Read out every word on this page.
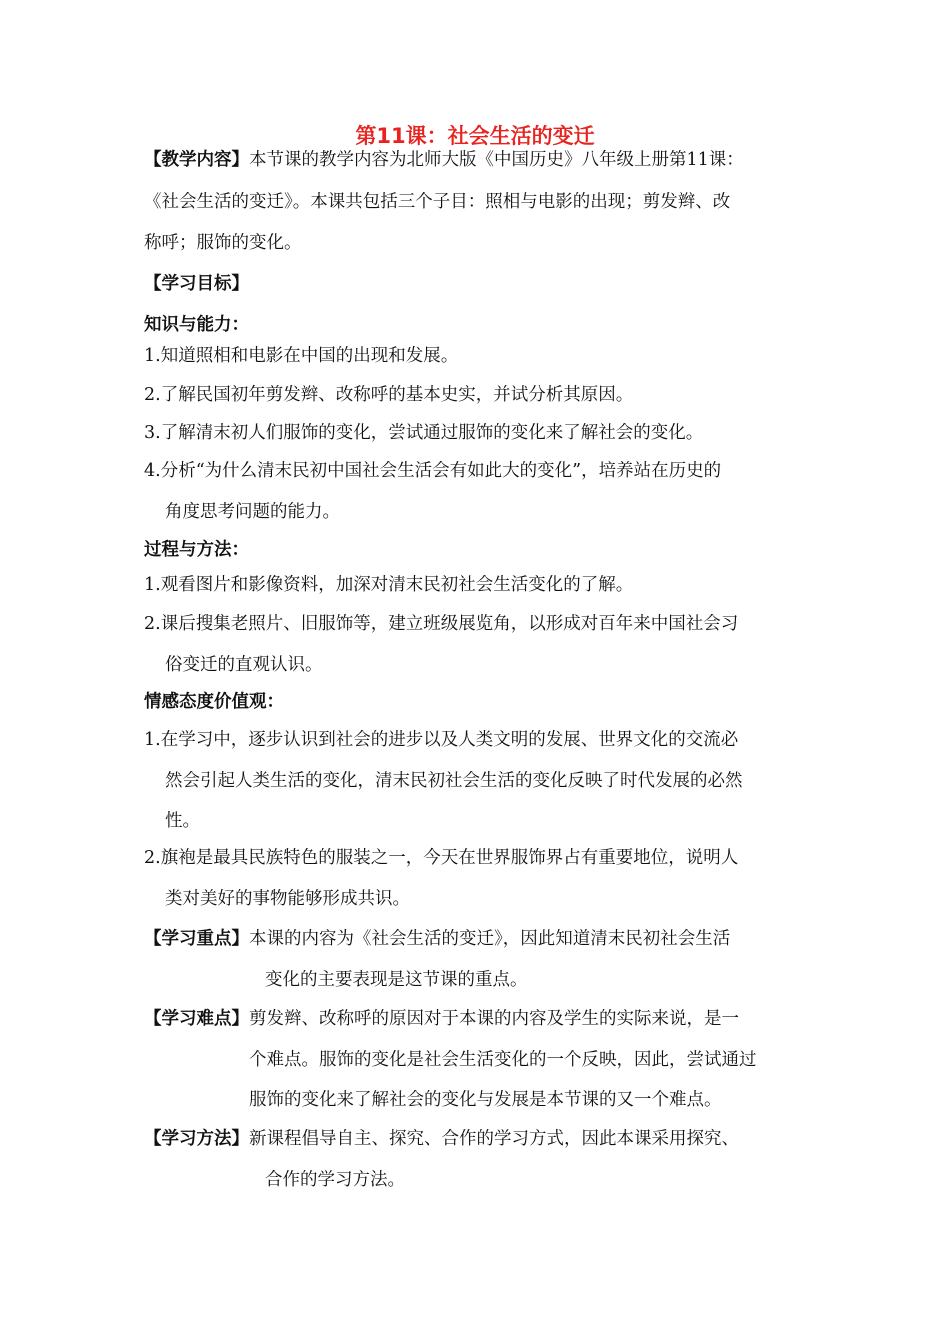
第11课：社会生活的变迁
【教学内容】本节课的教学内容为北师大版《中国历史》八年级上册第11课：
《社会生活的变迁》。本课共包括三个子目：照相与电影的出现；剪发辫、改
称呼；服饰的变化。
【学习目标】
知识与能力：
1.知道照相和电影在中国的出现和发展。
2.了解民国初年剪发辫、改称呼的基本史实，并试分析其原因。
3.了解清末初人们服饰的变化，尝试通过服饰的变化来了解社会的变化。
4.分析“为什么清末民初中国社会生活会有如此大的变化”，培养站在历史的
角度思考问题的能力。
过程与方法：
1.观看图片和影像资料，加深对清末民初社会生活变化的了解。
2.课后搜集老照片、旧服饰等，建立班级展览角，以形成对百年来中国社会习
俗变迁的直观认识。
情感态度价值观：
1.在学习中，逐步认识到社会的进步以及人类文明的发展、世界文化的交流必
然会引起人类生活的变化，清末民初社会生活的变化反映了时代发展的必然
性。
2.旗袍是最具民族特色的服装之一，今天在世界服饰界占有重要地位，说明人
类对美好的事物能够形成共识。
【学习重点】本课的内容为《社会生活的变迁》，因此知道清末民初社会生活
变化的主要表现是这节课的重点。
【学习难点】剪发辫、改称呼的原因对于本课的内容及学生的实际来说，是一
个难点。服饰的变化是社会生活变化的一个反映，因此，尝试通过
服饰的变化来了解社会的变化与发展是本节课的又一个难点。
【学习方法】新课程倡导自主、探究、合作的学习方式，因此本课采用探究、
合作的学习方法。
